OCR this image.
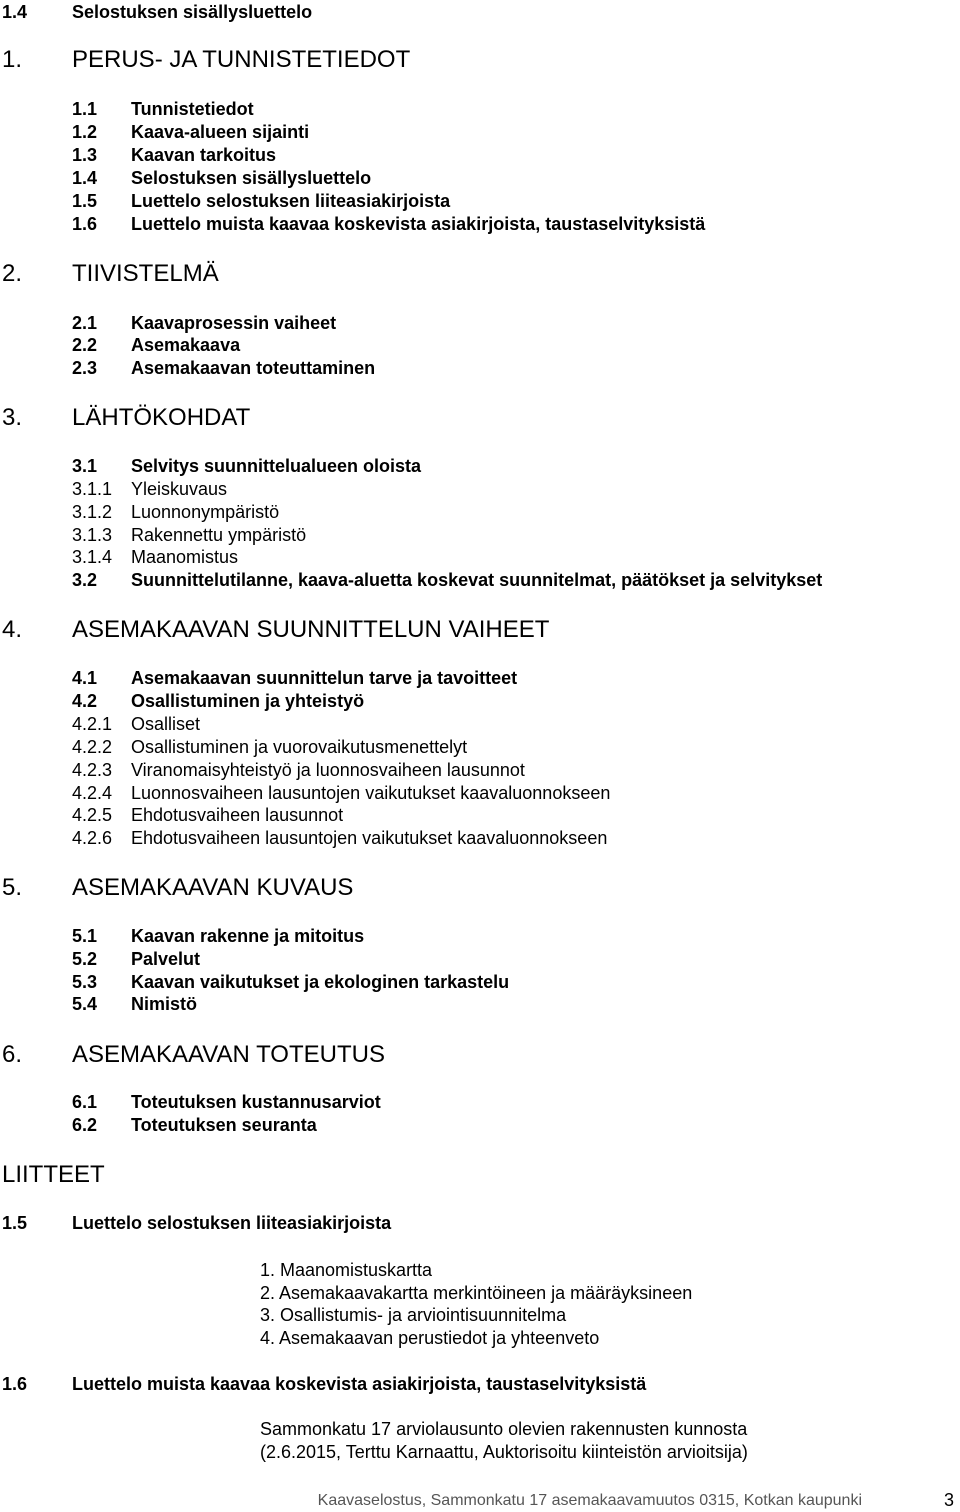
1.4 Selostuksen sisällysluettelo
1. PERUS- JA TUNNISTETIEDOT
1.1 Tunnistetiedot
1.2 Kaava-alueen sijainti
1.3 Kaavan tarkoitus
1.4 Selostuksen sisällysluettelo
1.5 Luettelo selostuksen liiteasiakirjoista
1.6 Luettelo muista kaavaa koskevista asiakirjoista, taustaselvityksistä
2. TIIVISTELMÄ
2.1 Kaavaprosessin vaiheet
2.2 Asemakaava
2.3 Asemakaavan toteuttaminen
3. LÄHTÖKOHDAT
3.1 Selvitys suunnittelualueen oloista
3.1.1 Yleiskuvaus
3.1.2 Luonnonympäristö
3.1.3 Rakennettu ympäristö
3.1.4 Maanomistus
3.2 Suunnittelutilanne, kaava-aluetta koskevat suunnitelmat, päätökset ja selvitykset
4. ASEMAKAAVAN SUUNNITTELUN VAIHEET
4.1 Asemakaavan suunnittelun tarve ja tavoitteet
4.2 Osallistuminen ja yhteistyö
4.2.1 Osalliset
4.2.2 Osallistuminen ja vuorovaikutusmenettelyt
4.2.3 Viranomaisyhteistyö ja luonnosvaiheen lausunnot
4.2.4 Luonnosvaiheen lausuntojen vaikutukset kaavaluonnokseen
4.2.5 Ehdotusvaiheen lausunnot
4.2.6 Ehdotusvaiheen lausuntojen vaikutukset kaavaluonnokseen
5. ASEMAKAAVAN KUVAUS
5.1 Kaavan rakenne ja mitoitus
5.2 Palvelut
5.3 Kaavan vaikutukset ja ekologinen tarkastelu
5.4 Nimistö
6. ASEMAKAAVAN TOTEUTUS
6.1 Toteutuksen kustannusarviot
6.2 Toteutuksen seuranta
LIITTEET
1.5 Luettelo selostuksen liiteasiakirjoista
1. Maanomistuskartta
2. Asemakaavakartta merkintöineen ja määräyksineen
3. Osallistumis- ja arviointisuunnitelma
4. Asemakaavan perustiedot ja yhteenveto
1.6 Luettelo muista kaavaa koskevista asiakirjoista, taustaselvityksistä
Sammonkatu 17 arviolausunto olevien rakennusten kunnosta
(2.6.2015, Terttu Karnaattu, Auktorisoitu kiinteistön arvioitsija)
Kaavaselostus, Sammonkatu 17 asemakaavamuutos 0315, Kotkan kaupunki	3
